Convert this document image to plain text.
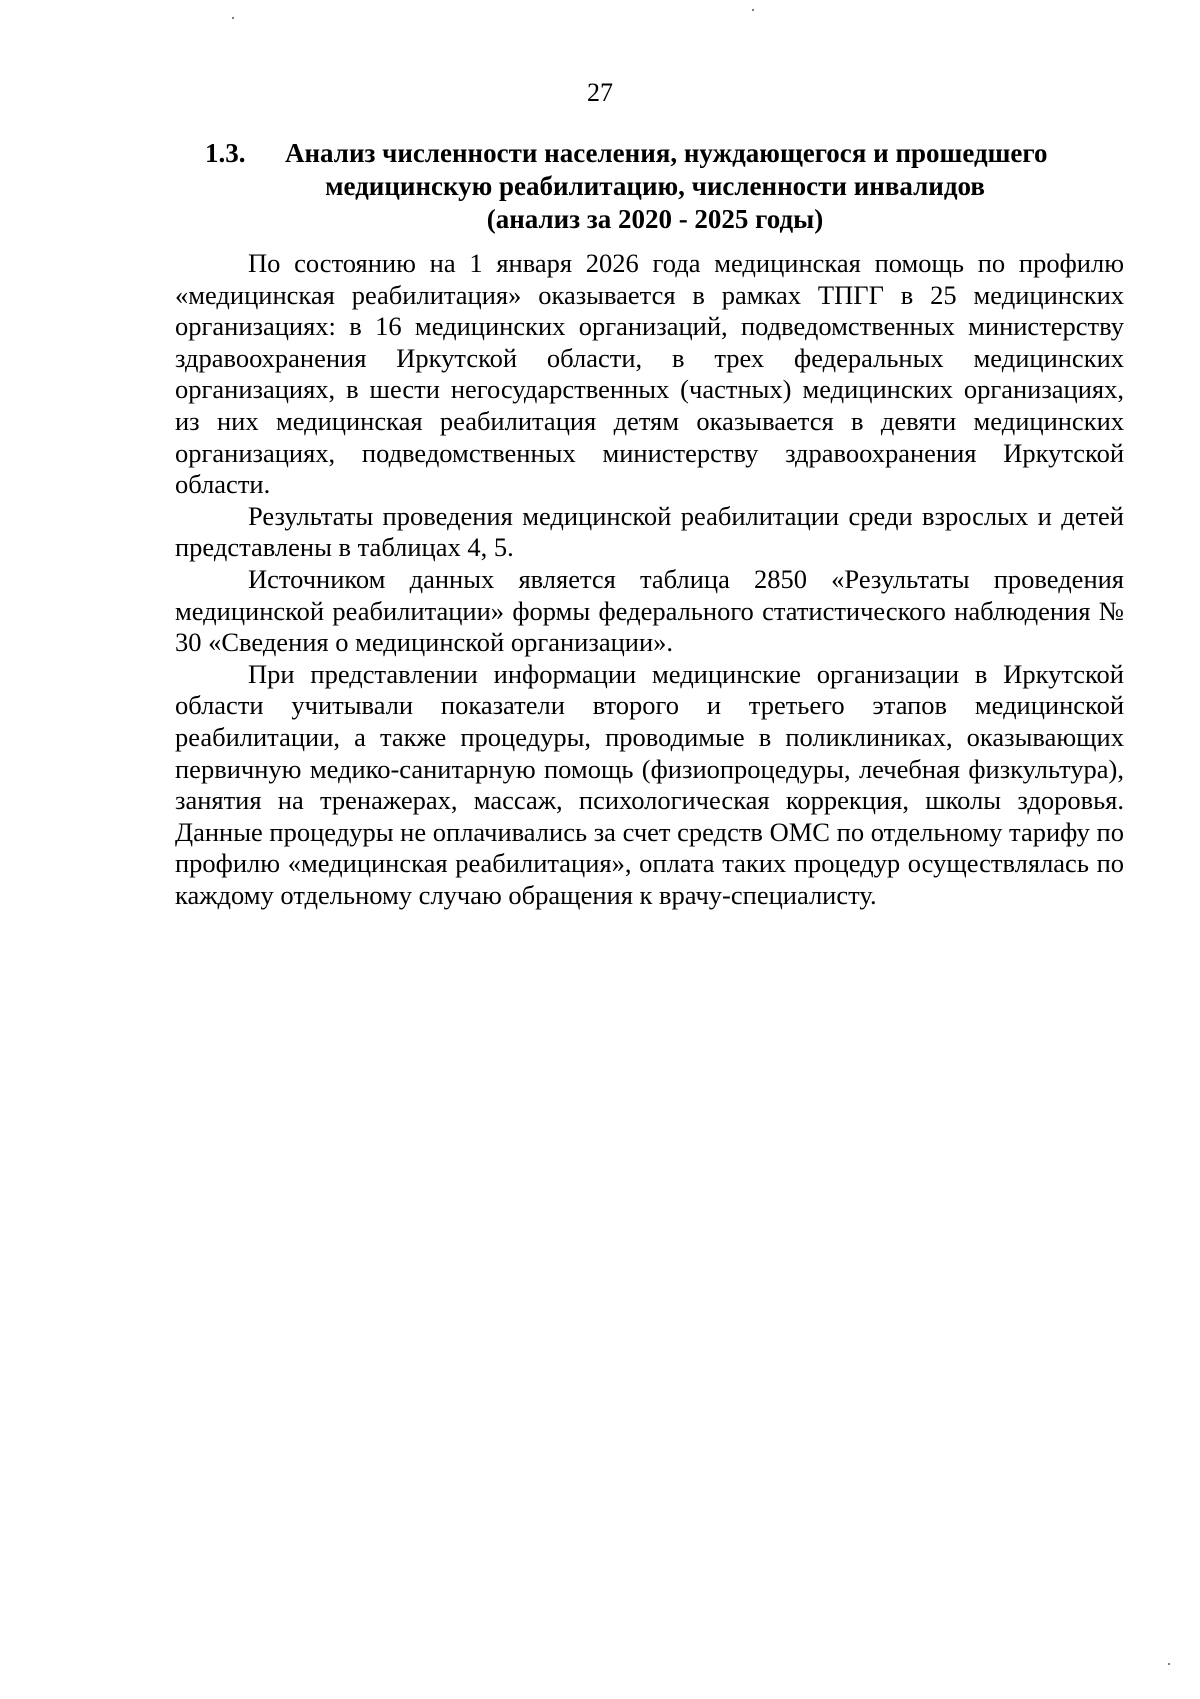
27
1.3. Анализ численности населения, нуждающегося и прошедшего
медицинскую реабилитацию, численности инвалидов
(анализ за 2020 - 2025 годы)

По состоянию на 1 января 2026 года медицинская помощь по профилю «медицинская реабилитация» оказывается в рамках ТПГГ в 25 медицинских организациях: в 16 медицинских организаций, подведомственных министерству здравоохранения Иркутской области, в трех федеральных медицинских организациях, в шести негосударственных (частных) медицинских организациях, из них медицинская реабилитация детям оказывается в девяти медицинских организациях, подведомственных министерству здравоохранения Иркутской области.

Результаты проведения медицинской реабилитации среди взрослых и детей представлены в таблицах 4, 5.

Источником данных является таблица 2850 «Результаты проведения медицинской реабилитации» формы федерального статистического наблюдения № 30 «Сведения о медицинской организации».

При представлении информации медицинские организации в Иркутской области учитывали показатели второго и третьего этапов медицинской реабилитации, а также процедуры, проводимые в поликлиниках, оказывающих первичную медико-санитарную помощь (физиопроцедуры, лечебная физкультура), занятия на тренажерах, массаж, психологическая коррекция, школы здоровья. Данные процедуры не оплачивались за счет средств ОМС по отдельному тарифу по профилю «медицинская реабилитация», оплата таких процедур осуществлялась по каждому отдельному случаю обращения к врачу-специалисту.
